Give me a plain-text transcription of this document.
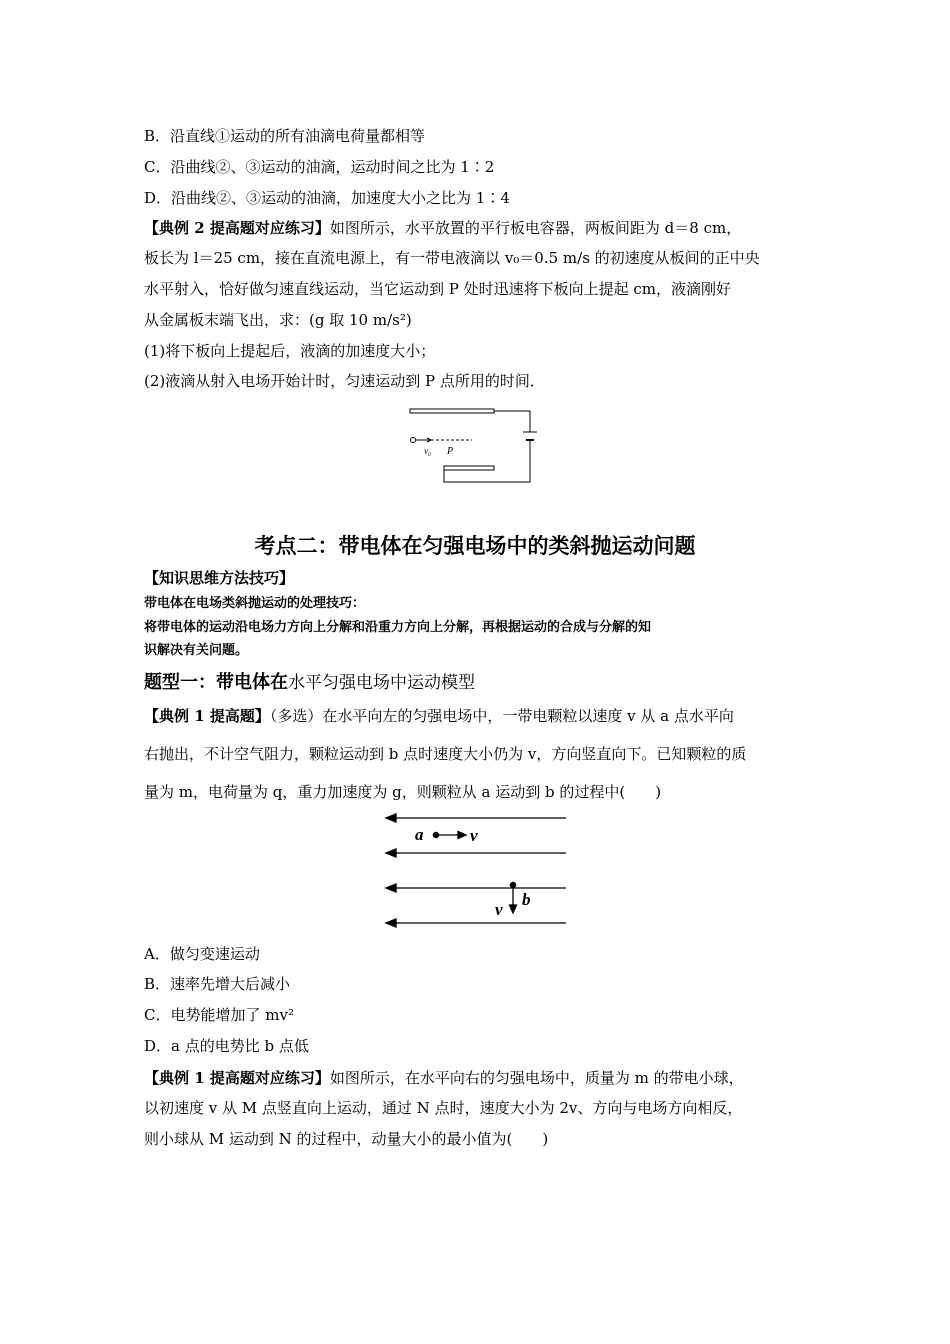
B．沿直线①运动的所有油滴电荷量都相等
C．沿曲线②、③运动的油滴，运动时间之比为 1∶2
D．沿曲线②、③运动的油滴，加速度大小之比为 1∶4
【典例 2 提高题对应练习】如图所示，水平放置的平行板电容器，两板间距为 d＝8 cm，
板长为 l＝25 cm，接在直流电源上，有一带电液滴以 v₀＝0.5 m/s 的初速度从板间的正中央
水平射入，恰好做匀速直线运动，当它运动到 P 处时迅速将下板向上提起 cm，液滴刚好
从金属板末端飞出，求：(g 取 10 m/s²)
(1)将下板向上提起后，液滴的加速度大小；
(2)液滴从射入电场开始计时，匀速运动到 P 点所用的时间．
v₀ P
考点二：带电体在匀强电场中的类斜抛运动问题
【知识思维方法技巧】
带电体在电场类斜抛运动的处理技巧：
将带电体的运动沿电场力方向上分解和沿重力方向上分解，再根据运动的合成与分解的知
识解决有关问题。
题型一：带电体在水平匀强电场中运动模型
【典例 1 提高题】（多选）在水平向左的匀强电场中，一带电颗粒以速度 v 从 a 点水平向
右抛出，不计空气阻力，颗粒运动到 b 点时速度大小仍为 v，方向竖直向下。已知颗粒的质
量为 m，电荷量为 q，重力加速度为 g，则颗粒从 a 运动到 b 的过程中(　　)
a	v
v
b
A．做匀变速运动
B．速率先增大后减小
C．电势能增加了 mv²
D．a 点的电势比 b 点低
【典例 1 提高题对应练习】如图所示，在水平向右的匀强电场中，质量为 m 的带电小球，
以初速度 v 从 M 点竖直向上运动，通过 N 点时，速度大小为 2v、方向与电场方向相反，
则小球从 M 运动到 N 的过程中，动量大小的最小值为(　　)
